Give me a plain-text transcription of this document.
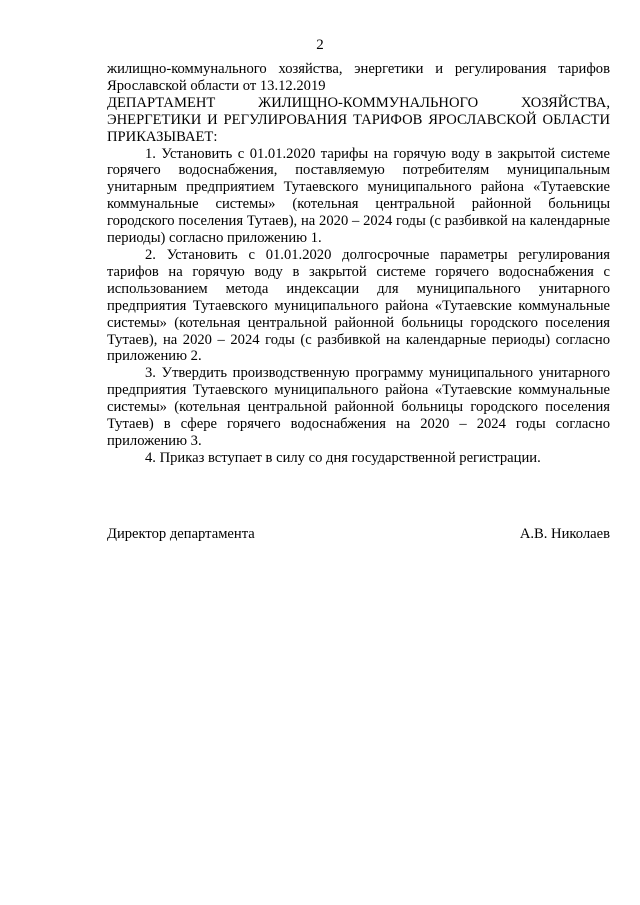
2

жилищно-коммунального хозяйства, энергетики и регулирования тарифов Ярославской области от 13.12.2019

ДЕПАРТАМЕНТ ЖИЛИЩНО-КОММУНАЛЬНОГО ХОЗЯЙСТВА, ЭНЕРГЕТИКИ И РЕГУЛИРОВАНИЯ ТАРИФОВ ЯРОСЛАВСКОЙ ОБЛАСТИ ПРИКАЗЫВАЕТ:

1. Установить с 01.01.2020 тарифы на горячую воду в закрытой системе горячего водоснабжения, поставляемую потребителям муниципальным унитарным предприятием Тутаевского муниципального района «Тутаевские коммунальные системы» (котельная центральной районной больницы городского поселения Тутаев), на 2020 – 2024 годы (с разбивкой на календарные периоды) согласно приложению 1.

2. Установить с 01.01.2020 долгосрочные параметры регулирования тарифов на горячую воду в закрытой системе горячего водоснабжения с использованием метода индексации для муниципального унитарного предприятия Тутаевского муниципального района «Тутаевские коммунальные системы» (котельная центральной районной больницы городского поселения Тутаев), на 2020 – 2024 годы (с разбивкой на календарные периоды) согласно приложению 2.

3. Утвердить производственную программу муниципального унитарного предприятия Тутаевского муниципального района «Тутаевские коммунальные системы» (котельная центральной районной больницы городского поселения Тутаев) в сфере горячего водоснабжения на 2020 – 2024 годы согласно приложению 3.

4. Приказ вступает в силу со дня государственной регистрации.

Директор департамента	А.В. Николаев
